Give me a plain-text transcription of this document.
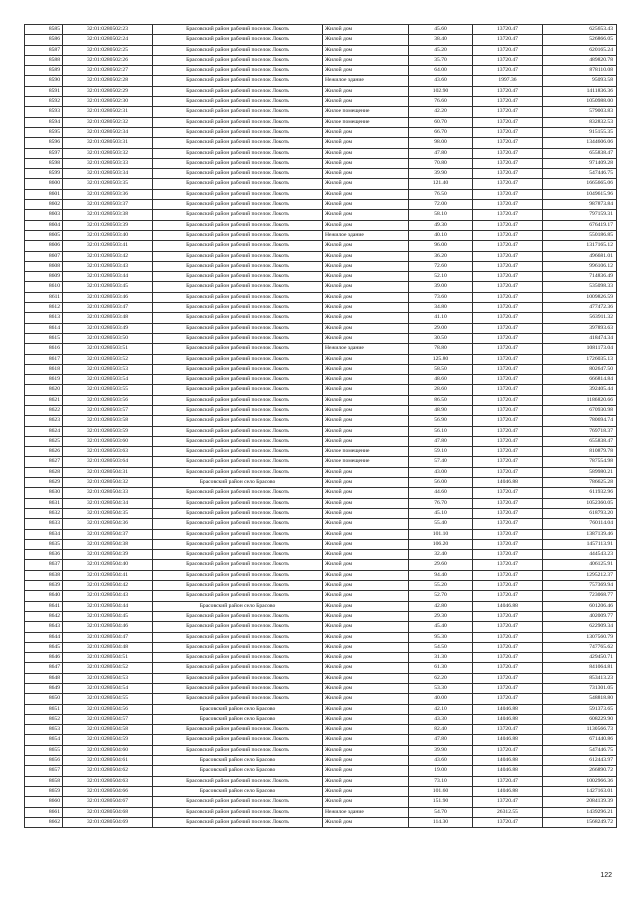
8585	32:01:0280502:23	Брасовский район рабочий поселок Локоть	Жилой дом	45.60	13720.47	625653.43
8586	32:01:0280502:24	Брасовский район рабочий поселок Локоть	Жилой дом	38.40	13720.47	526866.05
8587	32:01:0280502:25	Брасовский район рабочий поселок Локоть	Жилой дом	45.20	13720.47	620165.24
8588	32:01:0280502:26	Брасовский район рабочий поселок Локоть	Жилой дом	35.70	13720.47	489820.78
8589	32:01:0280502:27	Брасовский район рабочий поселок Локоть	Жилой дом	64.00	13720.47	878110.08
8590	32:01:0280502:28	Брасовский район рабочий поселок Локоть	Нежилое здание	43.60	1997.36	95093.58
8591	32:01:0280502:29	Брасовский район рабочий поселок Локоть	Жилой дом	102.90	13720.47	1411836.36
8592	32:01:0280502:30	Брасовский район рабочий поселок Локоть	Жилой дом	76.60	13720.47	1050988.00
8593	32:01:0280502:31	Брасовский район рабочий поселок Локоть	Жилое помещение	42.20	13720.47	579003.83
8594	32:01:0280502:32	Брасовский район рабочий поселок Локоть	Жилое помещение	60.70	13720.47	832832.53
8595	32:01:0280502:34	Брасовский район рабочий поселок Локоть	Жилой дом	66.70	13720.47	915155.35
8596	32:01:0280503:31	Брасовский район рабочий поселок Локоть	Жилой дом	98.00	13720.47	1344606.06
8597	32:01:0280503:32	Брасовский район рабочий поселок Локоть	Жилой дом	47.80	13720.47	655838.47
8598	32:01:0280503:33	Брасовский район рабочий поселок Локоть	Жилой дом	70.80	13720.47	971409.28
8599	32:01:0280503:34	Брасовский район рабочий поселок Локоть	Жилой дом	39.90	13720.47	547446.75
8600	32:01:0280503:35	Брасовский район рабочий поселок Локоть	Жилой дом	121.40	13720.47	1665665.06
8601	32:01:0280503:36	Брасовский район рабочий поселок Локоть	Жилой дом	76.50	13720.47	1049615.96
8602	32:01:0280503:37	Брасовский район рабочий поселок Локоть	Жилой дом	72.00	13720.47	987873.84
8603	32:01:0280503:38	Брасовский район рабочий поселок Локоть	Жилой дом	58.10	13720.47	797159.31
8604	32:01:0280503:39	Брасовский район рабочий поселок Локоть	Жилой дом	49.30	13720.47	676419.17
8605	32:01:0280503:40	Брасовский район рабочий поселок Локоть	Нежилое здание	40.10	13720.47	550186.85
8606	32:01:0280503:41	Брасовский район рабочий поселок Локоть	Жилой дом	96.00	13720.47	1317165.12
8607	32:01:0280503:42	Брасовский район рабочий поселок Локоть	Жилой дом	36.20	13720.47	496681.01
8608	32:01:0280503:43	Брасовский район рабочий поселок Локоть	Жилой дом	72.60	13720.47	996106.12
8609	32:01:0280503:44	Брасовский район рабочий поселок Локоть	Жилой дом	52.10	13720.47	714836.49
8610	32:01:0280503:45	Брасовский район рабочий поселок Локоть	Жилой дом	39.00	13720.47	535098.33
8611	32:01:0280503:46	Брасовский район рабочий поселок Локоть	Жилой дом	73.60	13720.47	1009826.59
8612	32:01:0280503:47	Брасовский район рабочий поселок Локоть	Жилой дом	34.80	13720.47	477472.36
8613	32:01:0280503:48	Брасовский район рабочий поселок Локоть	Жилой дом	41.10	13720.47	563911.32
8614	32:01:0280503:49	Брасовский район рабочий поселок Локоть	Жилой дом	29.00	13720.47	397893.63
8615	32:01:0280503:50	Брасовский район рабочий поселок Локоть	Жилой дом	30.50	13720.47	418474.34
8616	32:01:0280503:51	Брасовский район рабочий поселок Локоть	Нежилое здание	78.80	13720.47	1081173.04
8617	32:01:0280503:52	Брасовский район рабочий поселок Локоть	Жилой дом	125.80	13720.47	1726035.13
8618	32:01:0280503:53	Брасовский район рабочий поселок Локоть	Жилой дом	58.50	13720.47	802647.50
8619	32:01:0280503:54	Брасовский район рабочий поселок Локоть	Жилой дом	48.60	13720.47	666814.84
8620	32:01:0280503:55	Брасовский район рабочий поселок Локоть	Жилой дом	28.60	13720.47	392405.44
8621	32:01:0280503:56	Брасовский район рабочий поселок Локоть	Жилой дом	86.50	13720.47	1186820.66
8622	32:01:0280503:57	Брасовский район рабочий поселок Локоть	Жилой дом	48.90	13720.47	670930.98
8623	32:01:0280503:58	Брасовский район рабочий поселок Локоть	Жилой дом	56.90	13720.47	780694.74
8624	32:01:0280503:59	Брасовский район рабочий поселок Локоть	Жилой дом	56.10	13720.47	769718.37
8625	32:01:0280503:60	Брасовский район рабочий поселок Локоть	Жилой дом	47.80	13720.47	655838.47
8626	32:01:0280503:63	Брасовский район рабочий поселок Локоть	Жилое помещение	59.10	13720.47	810879.78
8627	32:01:0280503:64	Брасовский район рабочий поселок Локоть	Жилое помещение	57.40	13720.47	787554.98
8628	32:01:0280504:31	Брасовский район рабочий поселок Локоть	Жилой дом	43.00	13720.47	589980.21
8629	32:01:0280504:32	Брасовский район село Брасово	Жилой дом	56.00	14046.88	786625.28
8630	32:01:0280504:33	Брасовский район рабочий поселок Локоть	Жилой дом	44.60	13720.47	611932.96
8631	32:01:0280504:34	Брасовский район рабочий поселок Локоть	Жилой дом	76.70	13720.47	1052360.05
8632	32:01:0280504:35	Брасовский район рабочий поселок Локоть	Жилой дом	45.10	13720.47	618793.20
8633	32:01:0280504:36	Брасовский район рабочий поселок Локоть	Жилой дом	55.40	13720.47	760114.04
8634	32:01:0280504:37	Брасовский район рабочий поселок Локоть	Жилой дом	101.10	13720.47	1387139.46
8635	32:01:0280504:38	Брасовский район рабочий поселок Локоть	Жилой дом	106.20	13720.47	1457113.91
8636	32:01:0280504:39	Брасовский район рабочий поселок Локоть	Жилой дом	32.40	13720.47	444543.23
8637	32:01:0280504:40	Брасовский район рабочий поселок Локоть	Жилой дом	29.60	13720.47	406125.91
8638	32:01:0280504:41	Брасовский район рабочий поселок Локоть	Жилой дом	94.40	13720.47	1295212.37
8639	32:01:0280504:42	Брасовский район рабочий поселок Локоть	Жилой дом	55.20	13720.47	757369.94
8640	32:01:0280504:43	Брасовский район рабочий поселок Локоть	Жилой дом	52.70	13720.47	723068.77
8641	32:01:0280504:44	Брасовский район село Брасово	Жилой дом	42.80	14046.88	601206.46
8642	32:01:0280504:45	Брасовский район рабочий поселок Локоть	Жилой дом	29.30	13720.47	402009.77
8643	32:01:0280504:46	Брасовский район рабочий поселок Локоть	Жилой дом	45.40	13720.47	622909.34
8644	32:01:0280504:47	Брасовский район рабочий поселок Локоть	Жилой дом	95.30	13720.47	1307560.79
8645	32:01:0280504:48	Брасовский район рабочий поселок Локоть	Жилой дом	54.50	13720.47	747765.62
8646	32:01:0280504:51	Брасовский район рабочий поселок Локоть	Жилой дом	31.30	13720.47	429450.71
8647	32:01:0280504:52	Брасовский район рабочий поселок Локоть	Жилой дом	61.30	13720.47	841064.81
8648	32:01:0280504:53	Брасовский район рабочий поселок Локоть	Жилой дом	62.20	13720.47	853413.23
8649	32:01:0280504:54	Брасовский район рабочий поселок Локоть	Жилой дом	53.30	13720.47	731301.05
8650	32:01:0280504:55	Брасовский район рабочий поселок Локоть	Жилой дом	40.00	13720.47	548818.80
8651	32:01:0280504:56	Брасовский район село Брасово	Жилой дом	42.10	14046.88	591373.65
8652	32:01:0280504:57	Брасовский район село Брасово	Жилой дом	43.30	14046.88	608229.90
8653	32:01:0280504:58	Брасовский район рабочий поселок Локоть	Жилой дом	82.40	13720.47	1130566.73
8654	32:01:0280504:59	Брасовский район рабочий поселок Локоть	Жилой дом	47.80	14046.88	671440.86
8655	32:01:0280504:60	Брасовский район рабочий поселок Локоть	Жилой дом	39.90	13720.47	547446.75
8656	32:01:0280504:61	Брасовский район село Брасово	Жилой дом	43.60	14046.88	612443.97
8657	32:01:0280504:62	Брасовский район село Брасово	Жилой дом	19.00	14046.88	266890.72
8658	32:01:0280504:63	Брасовский район рабочий поселок Локоть	Жилой дом	73.10	13720.47	1002966.36
8659	32:01:0280504:66	Брасовский район село Брасово	Жилой дом	101.60	14046.88	1427163.01
8660	32:01:0280504:67	Брасовский район рабочий поселок Локоть	Жилой дом	151.90	13720.47	2084139.39
8661	32:01:0280504:68	Брасовский район рабочий поселок Локоть	Нежилое здание	54.70	26312.55	1439296.21
8662	32:01:0280504:69	Брасовский район рабочий поселок Локоть	Жилой дом	114.30	13720.47	1568249.72
122
